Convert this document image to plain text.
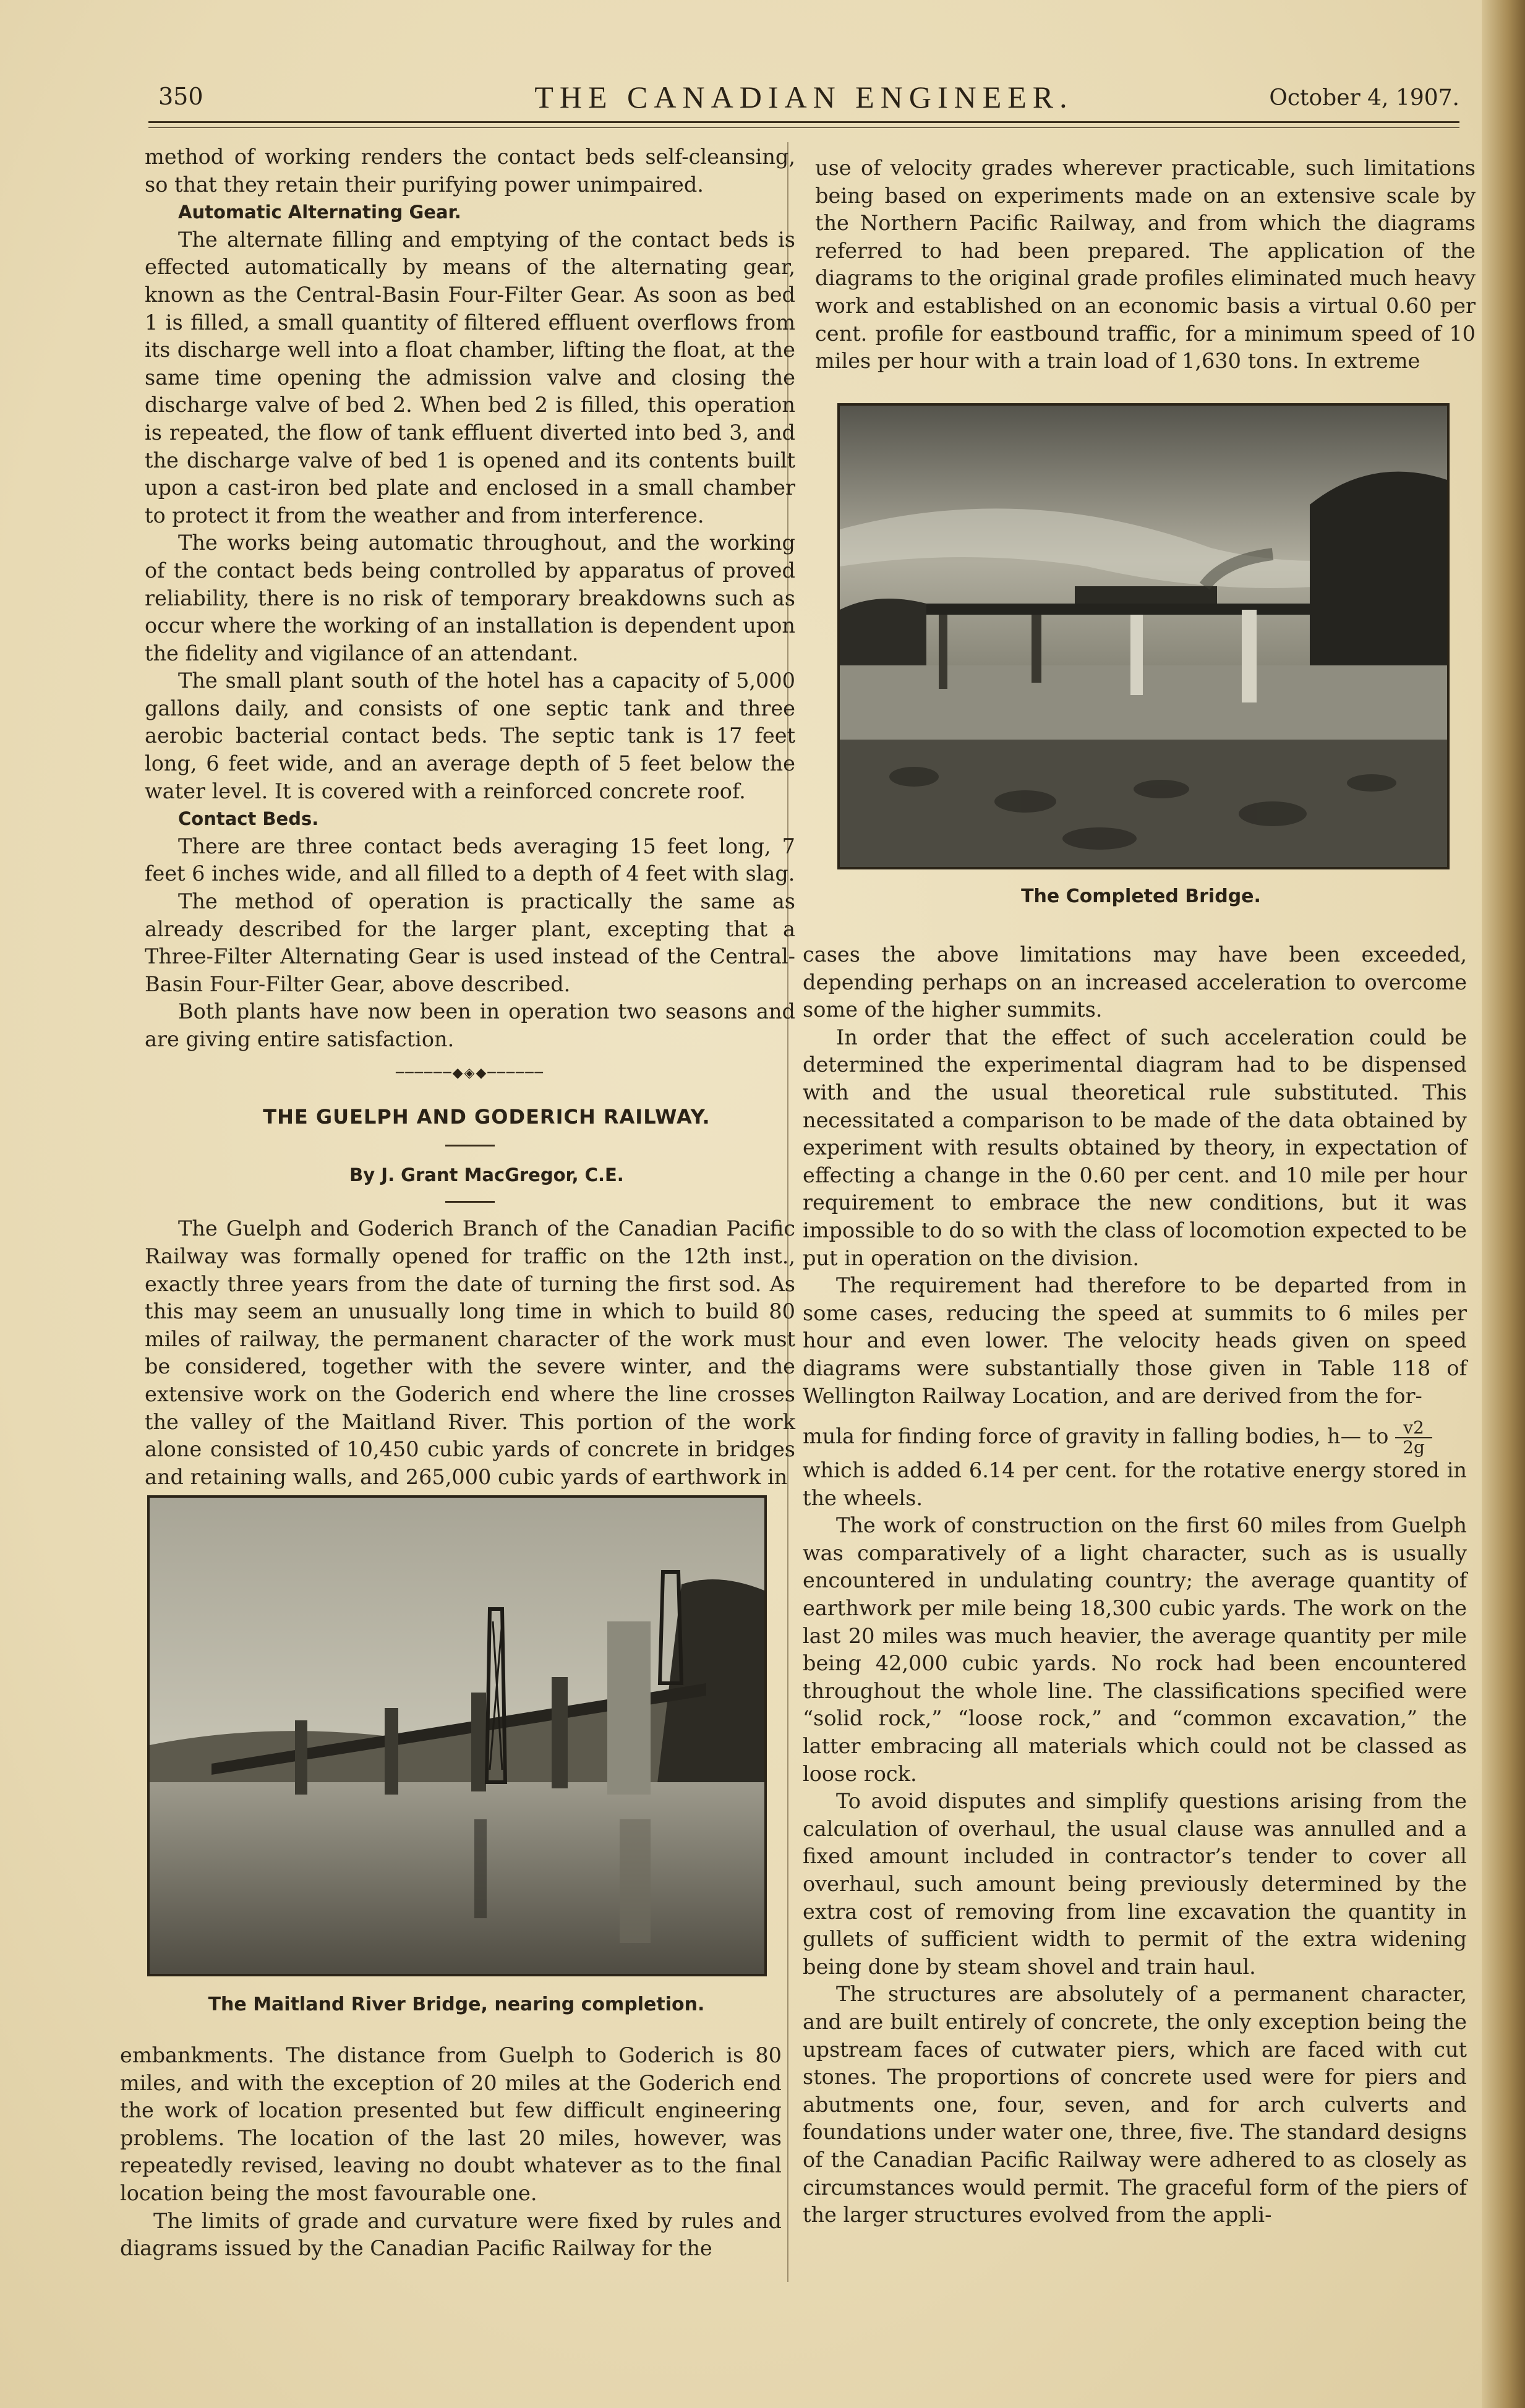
350	THE CANADIAN ENGINEER.	October 4, 1907.

method of working renders the contact beds self-cleansing, so that they retain their purifying power unimpaired.

Automatic Alternating Gear.

The alternate filling and emptying of the contact beds is effected automatically by means of the alternating gear, known as the Central-Basin Four-Filter Gear. As soon as bed 1 is filled, a small quantity of filtered effluent overflows from its discharge well into a float chamber, lifting the float, at the same time opening the admission valve and closing the discharge valve of bed 2. When bed 2 is filled, this operation is repeated, the flow of tank effluent diverted into bed 3, and the discharge valve of bed 1 is opened and its contents built upon a cast-iron bed plate and enclosed in a small chamber to protect it from the weather and from interference.

The works being automatic throughout, and the working of the contact beds being controlled by apparatus of proved reliability, there is no risk of temporary breakdowns such as occur where the working of an installation is dependent upon the fidelity and vigilance of an attendant.

The small plant south of the hotel has a capacity of 5,000 gallons daily, and consists of one septic tank and three aerobic bacterial contact beds. The septic tank is 17 feet long, 6 feet wide, and an average depth of 5 feet below the water level. It is covered with a reinforced concrete roof.

Contact Beds.

There are three contact beds averaging 15 feet long, 7 feet 6 inches wide, and all filled to a depth of 4 feet with slag.

The method of operation is practically the same as already described for the larger plant, excepting that a Three-Filter Alternating Gear is used instead of the Central-Basin Four-Filter Gear, above described.

Both plants have now been in operation two seasons and are giving entire satisfaction.

──────◆◈◆──────

THE GUELPH AND GODERICH RAILWAY.

By J. Grant MacGregor, C.E.

The Guelph and Goderich Branch of the Canadian Pacific Railway was formally opened for traffic on the 12th inst., exactly three years from the date of turning the first sod. As this may seem an unusually long time in which to build 80 miles of railway, the permanent character of the work must be considered, together with the severe winter, and the extensive work on the Goderich end where the line crosses the valley of the Maitland River. This portion of the work alone consisted of 10,450 cubic yards of concrete in bridges and retaining walls, and 265,000 cubic yards of earthwork in

The Maitland River Bridge, nearing completion.

embankments. The distance from Guelph to Goderich is 80 miles, and with the exception of 20 miles at the Goderich end the work of location presented but few difficult engineering problems. The location of the last 20 miles, however, was repeatedly revised, leaving no doubt whatever as to the final location being the most favourable one.

The limits of grade and curvature were fixed by rules and diagrams issued by the Canadian Pacific Railway for the

use of velocity grades wherever practicable, such limitations being based on experiments made on an extensive scale by the Northern Pacific Railway, and from which the diagrams referred to had been prepared. The application of the diagrams to the original grade profiles eliminated much heavy work and established on an economic basis a virtual 0.60 per cent. profile for eastbound traffic, for a minimum speed of 10 miles per hour with a train load of 1,630 tons. In extreme

The Completed Bridge.

cases the above limitations may have been exceeded, depending perhaps on an increased acceleration to overcome some of the higher summits.

In order that the effect of such acceleration could be determined the experimental diagram had to be dispensed with and the usual theoretical rule substituted. This necessitated a comparison to be made of the data obtained by experiment with results obtained by theory, in expectation of effecting a change in the 0.60 per cent. and 10 mile per hour requirement to embrace the new conditions, but it was impossible to do so with the class of locomotion expected to be put in operation on the division.

The requirement had therefore to be departed from in some cases, reducing the speed at summits to 6 miles per hour and even lower. The velocity heads given on speed diagrams were substantially those given in Table 118 of Wellington Railway Location, and are derived from the for-

mula for finding force of gravity in falling bodies, h— to $\frac{v2}{2g}$

which is added 6.14 per cent. for the rotative energy stored in the wheels.

The work of construction on the first 60 miles from Guelph was comparatively of a light character, such as is usually encountered in undulating country; the average quantity of earthwork per mile being 18,300 cubic yards. The work on the last 20 miles was much heavier, the average quantity per mile being 42,000 cubic yards. No rock had been encountered throughout the whole line. The classifications specified were “solid rock,” “loose rock,” and “common excavation,” the latter embracing all materials which could not be classed as loose rock.

To avoid disputes and simplify questions arising from the calculation of overhaul, the usual clause was annulled and a fixed amount included in contractor’s tender to cover all overhaul, such amount being previously determined by the extra cost of removing from line excavation the quantity in gullets of sufficient width to permit of the extra widening being done by steam shovel and train haul.

The structures are absolutely of a permanent character, and are built entirely of concrete, the only exception being the upstream faces of cutwater piers, which are faced with cut stones. The proportions of concrete used were for piers and abutments one, four, seven, and for arch culverts and foundations under water one, three, five. The standard designs of the Canadian Pacific Railway were adhered to as closely as circumstances would permit. The graceful form of the piers of the larger structures evolved from the appli-
